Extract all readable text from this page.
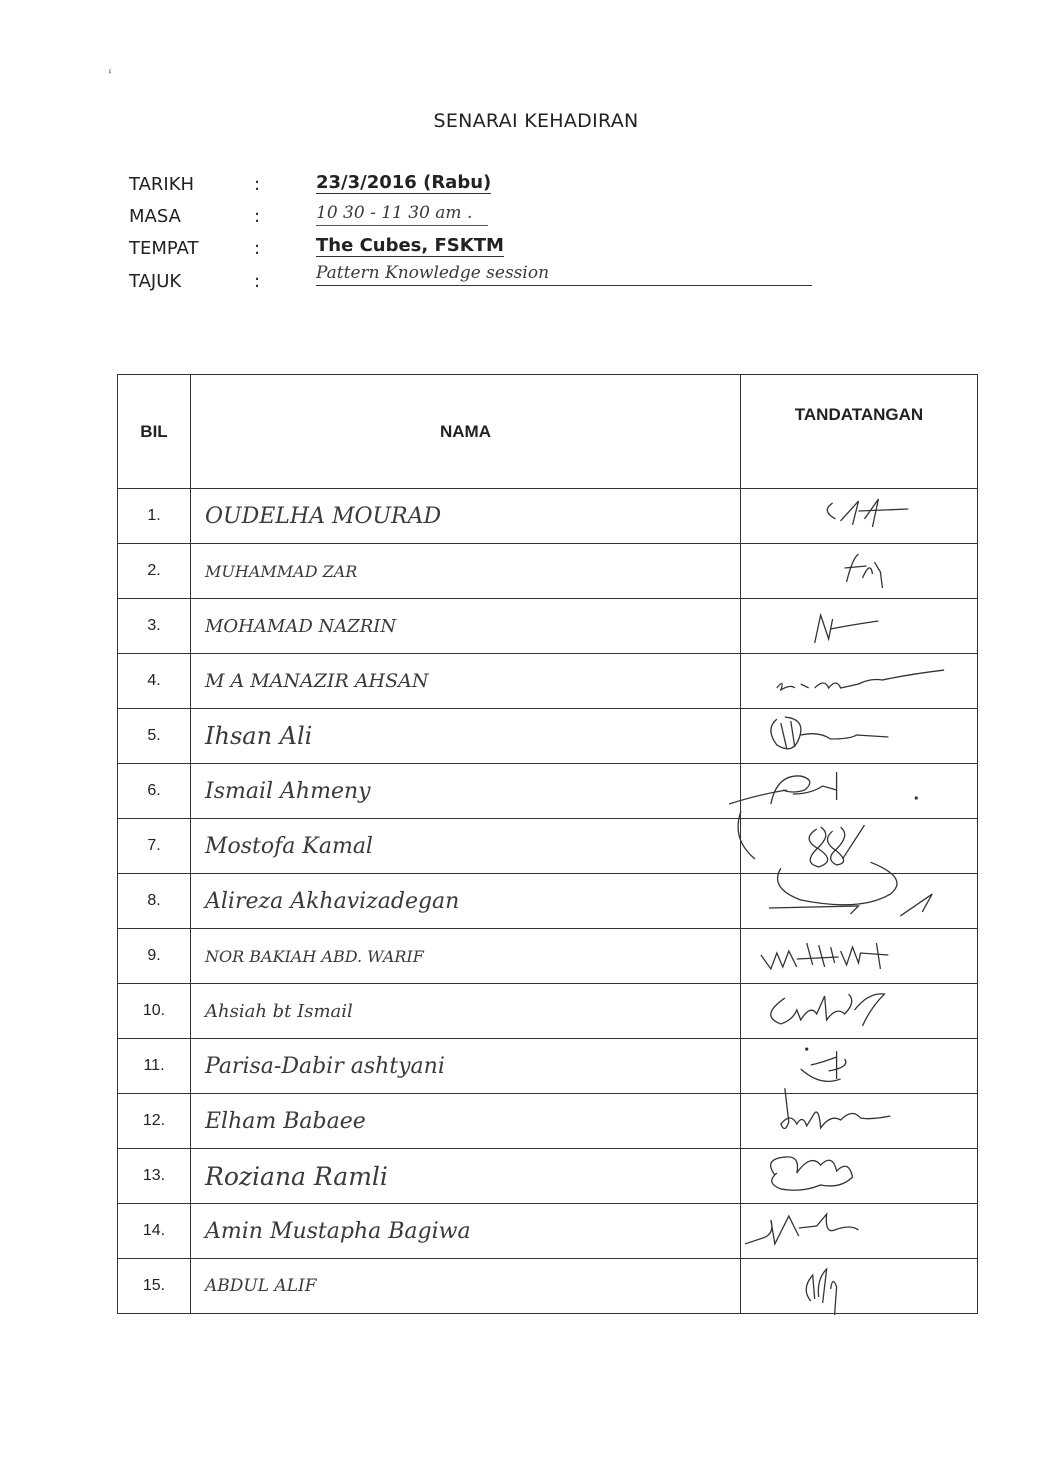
‘
SENARAI KEHADIRAN
TARIKH	:	23/3/2016 (Rabu)
MASA	:	10 30 - 11 30 am .
TEMPAT	:	The Cubes, FSKTM
TAJUK	:	Pattern Knowledge session
BIL	NAMA	TANDATANGAN
1.	OUDELHA MOURAD	

2.	MUHAMMAD ZAR	

3.	MOHAMAD NAZRIN	

4.	M A MANAZIR AHSAN	

5.	Ihsan Ali	

6.	Ismail Ahmeny	

7.	Mostofa Kamal	

8.	Alireza Akhavizadegan	

9.	NOR BAKIAH ABD. WARIF	

10.	Ahsiah bt Ismail	

11.	Parisa-Dabir ashtyani	

12.	Elham Babaee	

13.	Roziana Ramli	

14.	Amin Mustapha Bagiwa	

15.	ABDUL ALIF	
